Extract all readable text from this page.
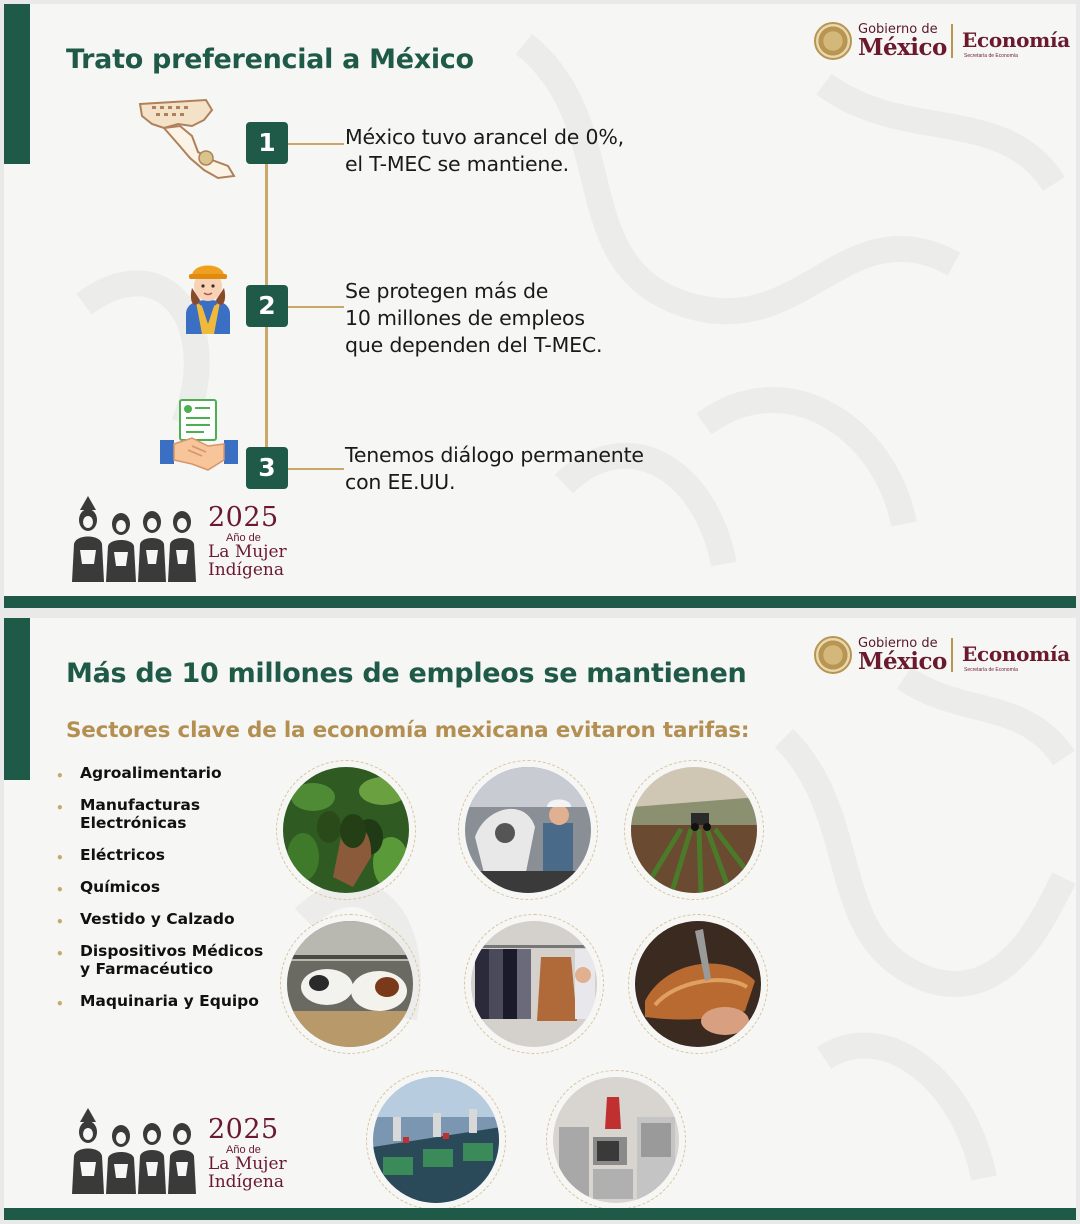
Trato preferencial a México
Gobierno de
México Economía
Secretaría de Economía
1	México tuvo arancel de 0%,
el T-MEC se mantiene.
2	Se protegen más de
10 millones de empleos
que dependen del T-MEC.
3	Tenemos diálogo permanente
con EE.UU.
2025
Año de
La Mujer
Indígena
Más de 10 millones de empleos se mantienen
Sectores clave de la economía mexicana evitaron tarifas:
Gobierno de
México Economía
Secretaría de Economía
• Agroalimentario
• Manufacturas
Electrónicas
• Eléctricos
• Químicos
• Vestido y Calzado
• Dispositivos Médicos
y Farmacéutico
• Maquinaria y Equipo
2025
Año de
La Mujer
Indígena
